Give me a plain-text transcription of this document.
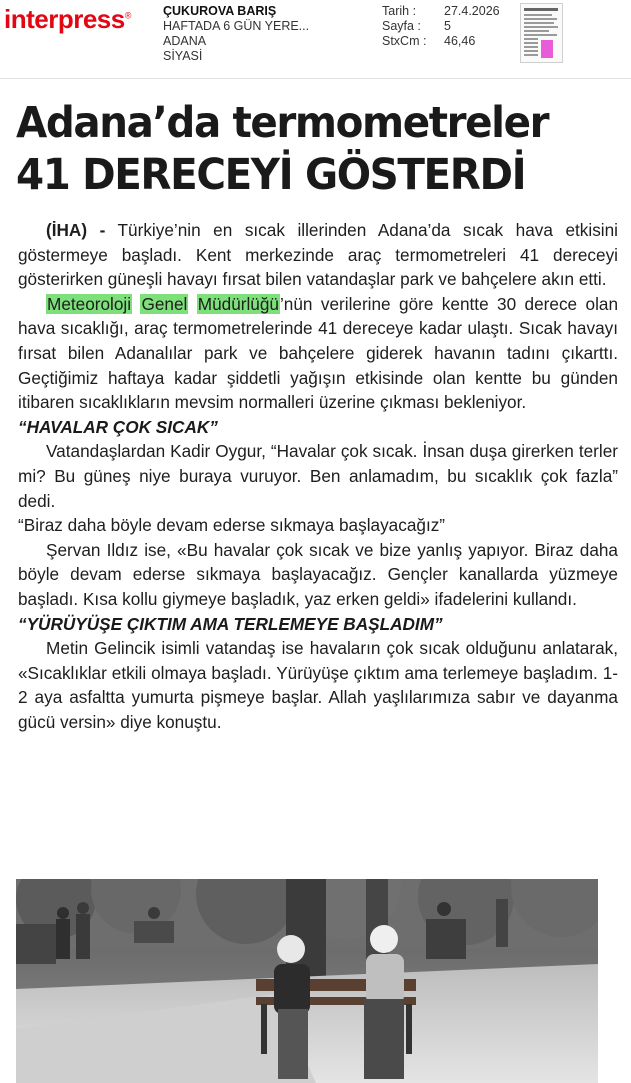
interpress®	ÇUKUROVA BARIŞ
HAFTADA 6 GÜN YERE...
ADANA
SİYASİ
Tarih : 27.4.2026
Sayfa : 5
StxCm : 46,46
Adana’da termometreler
41 DERECEYİ GÖSTERDİ

(İHA) - Türkiye’nin en sıcak illerinden Adana’da sıcak hava etkisini göstermeye başladı. Kent merkezinde araç termometreleri 41 dereceyi gösterirken güneşli havayı fırsat bilen vatandaşlar park ve bahçelere akın etti.

Meteoroloji Genel Müdürlüğü’nün verilerine göre kentte 30 derece olan hava sıcaklığı, araç termometrelerinde 41 dereceye kadar ulaştı. Sıcak havayı fırsat bilen Adanalılar park ve bahçelere giderek havanın tadını çıkarttı. Geçtiğimiz haftaya kadar şiddetli yağışın etkisinde olan kentte bu günden itibaren sıcaklıkların mevsim normalleri üzerine çıkması bekleniyor.

“HAVALAR ÇOK SICAK”

Vatandaşlardan Kadir Oygur, “Havalar çok sıcak. İnsan duşa girerken terler mi? Bu güneş niye buraya vuruyor. Ben anlamadım, bu sıcaklık çok fazla” dedi.

“Biraz daha böyle devam ederse sıkmaya başlayacağız”

Şervan Ildız ise, «Bu havalar çok sıcak ve bize yanlış yapıyor. Biraz daha böyle devam ederse sıkmaya başlayacağız. Gençler kanallarda yüzmeye başladı. Kısa kollu giymeye başladık, yaz erken geldi» ifadelerini kullandı.

“YÜRÜYÜŞE ÇIKTIM AMA TERLEMEYE BAŞLADIM”

Metin Gelincik isimli vatandaş ise havaların çok sıcak olduğunu anlatarak, «Sıcaklıklar etkili olmaya başladı. Yürüyüşe çıktım ama terlemeye başladım. 1-2 aya asfaltta yumurta pişmeye başlar. Allah yaşlılarımıza sabır ve dayanma gücü versin» diye konuştu.
